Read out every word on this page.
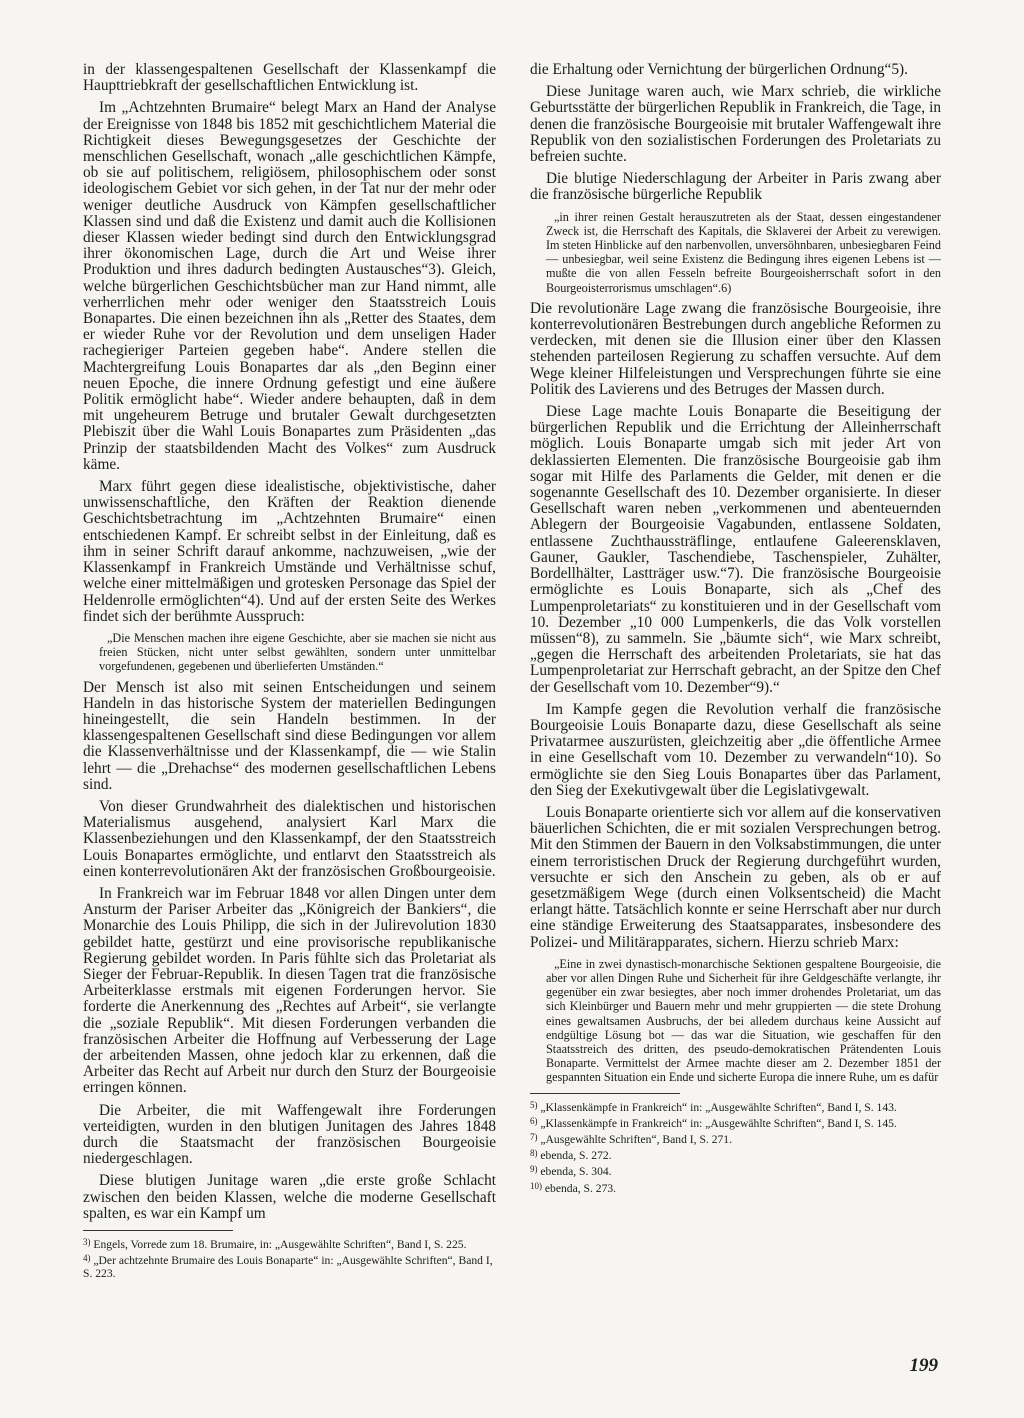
in der klassengespaltenen Gesellschaft der Klassenkampf die Haupttriebkraft der gesellschaftlichen Entwicklung ist.

Im „Achtzehnten Brumaire“ belegt Marx an Hand der Analyse der Ereignisse von 1848 bis 1852 mit geschichtlichem Material die Richtigkeit dieses Bewegungsgesetzes der Geschichte der menschlichen Gesellschaft, wonach „alle geschichtlichen Kämpfe, ob sie auf politischem, religiösem, philosophischem oder sonst ideologischem Gebiet vor sich gehen, in der Tat nur der mehr oder weniger deutliche Ausdruck von Kämpfen gesellschaftlicher Klassen sind und daß die Existenz und damit auch die Kollisionen dieser Klassen wieder bedingt sind durch den Entwicklungsgrad ihrer ökonomischen Lage, durch die Art und Weise ihrer Produktion und ihres dadurch bedingten Austausches“3). Gleich, welche bürgerlichen Geschichtsbücher man zur Hand nimmt, alle verherrlichen mehr oder weniger den Staatsstreich Louis Bonapartes. Die einen bezeichnen ihn als „Retter des Staates, dem er wieder Ruhe vor der Revolution und dem unseligen Hader rachegieriger Parteien gegeben habe“. Andere stellen die Machtergreifung Louis Bonapartes dar als „den Beginn einer neuen Epoche, die innere Ordnung gefestigt und eine äußere Politik ermöglicht habe“. Wieder andere behaupten, daß in dem mit ungeheurem Betruge und brutaler Gewalt durchgesetzten Plebiszit über die Wahl Louis Bonapartes zum Präsidenten „das Prinzip der staatsbildenden Macht des Volkes“ zum Ausdruck käme.

Marx führt gegen diese idealistische, objektivistische, daher unwissenschaftliche, den Kräften der Reaktion dienende Geschichtsbetrachtung im „Achtzehnten Brumaire“ einen entschiedenen Kampf. Er schreibt selbst in der Einleitung, daß es ihm in seiner Schrift darauf ankomme, nachzuweisen, „wie der Klassenkampf in Frankreich Umstände und Verhältnisse schuf, welche einer mittelmäßigen und grotesken Personage das Spiel der Heldenrolle ermöglichten“4). Und auf der ersten Seite des Werkes findet sich der berühmte Ausspruch:

„Die Menschen machen ihre eigene Geschichte, aber sie machen sie nicht aus freien Stücken, nicht unter selbst gewählten, sondern unter unmittelbar vorgefundenen, gegebenen und überlieferten Umständen.“

Der Mensch ist also mit seinen Entscheidungen und seinem Handeln in das historische System der materiellen Bedingungen hineingestellt, die sein Handeln bestimmen. In der klassengespaltenen Gesellschaft sind diese Bedingungen vor allem die Klassenverhältnisse und der Klassenkampf, die — wie Stalin lehrt — die „Drehachse“ des modernen gesellschaftlichen Lebens sind.

Von dieser Grundwahrheit des dialektischen und historischen Materialismus ausgehend, analysiert Karl Marx die Klassenbeziehungen und den Klassenkampf, der den Staatsstreich Louis Bonapartes ermöglichte, und entlarvt den Staatsstreich als einen konterrevolutionären Akt der französischen Großbourgeoisie.

In Frankreich war im Februar 1848 vor allen Dingen unter dem Ansturm der Pariser Arbeiter das „Königreich der Bankiers“, die Monarchie des Louis Philipp, die sich in der Julirevolution 1830 gebildet hatte, gestürzt und eine provisorische republikanische Regierung gebildet worden. In Paris fühlte sich das Proletariat als Sieger der Februar-Republik. In diesen Tagen trat die französische Arbeiterklasse erstmals mit eigenen Forderungen hervor. Sie forderte die Anerkennung des „Rechtes auf Arbeit“, sie verlangte die „soziale Republik“. Mit diesen Forderungen verbanden die französischen Arbeiter die Hoffnung auf Verbesserung der Lage der arbeitenden Massen, ohne jedoch klar zu erkennen, daß die Arbeiter das Recht auf Arbeit nur durch den Sturz der Bourgeoisie erringen können.

Die Arbeiter, die mit Waffengewalt ihre Forderungen verteidigten, wurden in den blutigen Junitagen des Jahres 1848 durch die Staatsmacht der französischen Bourgeoisie niedergeschlagen.

Diese blutigen Junitage waren „die erste große Schlacht zwischen den beiden Klassen, welche die moderne Gesellschaft spalten, es war ein Kampf um

$^{3)}$ Engels, Vorrede zum 18. Brumaire, in: „Ausgewählte Schriften“, Band I, S. 225.

$^{4)}$ „Der achtzehnte Brumaire des Louis Bonaparte“ in: „Ausgewählte Schriften“, Band I, S. 223.

die Erhaltung oder Vernichtung der bürgerlichen Ordnung“5).

Diese Junitage waren auch, wie Marx schrieb, die wirkliche Geburtsstätte der bürgerlichen Republik in Frankreich, die Tage, in denen die französische Bourgeoisie mit brutaler Waffengewalt ihre Republik von den sozialistischen Forderungen des Proletariats zu befreien suchte.

Die blutige Niederschlagung der Arbeiter in Paris zwang aber die französische bürgerliche Republik

„in ihrer reinen Gestalt herauszutreten als der Staat, dessen eingestandener Zweck ist, die Herrschaft des Kapitals, die Sklaverei der Arbeit zu verewigen. Im steten Hinblicke auf den narbenvollen, unversöhnbaren, unbesiegbaren Feind — unbesiegbar, weil seine Existenz die Bedingung ihres eigenen Lebens ist — mußte die von allen Fesseln befreite Bourgeoisherrschaft sofort in den Bourgeoisterrorismus umschlagen“.6)

Die revolutionäre Lage zwang die französische Bourgeoisie, ihre konterrevolutionären Bestrebungen durch angebliche Reformen zu verdecken, mit denen sie die Illusion einer über den Klassen stehenden parteilosen Regierung zu schaffen versuchte. Auf dem Wege kleiner Hilfeleistungen und Versprechungen führte sie eine Politik des Lavierens und des Betruges der Massen durch.

Diese Lage machte Louis Bonaparte die Beseitigung der bürgerlichen Republik und die Errichtung der Alleinherrschaft möglich. Louis Bonaparte umgab sich mit jeder Art von deklassierten Elementen. Die französische Bourgeoisie gab ihm sogar mit Hilfe des Parlaments die Gelder, mit denen er die sogenannte Gesellschaft des 10. Dezember organisierte. In dieser Gesellschaft waren neben „verkommenen und abenteuernden Ablegern der Bourgeoisie Vagabunden, entlassene Soldaten, entlassene Zuchthaussträflinge, entlaufene Galeerensklaven, Gauner, Gaukler, Taschendiebe, Taschenspieler, Zuhälter, Bordellhälter, Lastträger usw.“7). Die französische Bourgeoisie ermöglichte es Louis Bonaparte, sich als „Chef des Lumpenproletariats“ zu konstituieren und in der Gesellschaft vom 10. Dezember „10 000 Lumpenkerls, die das Volk vorstellen müssen“8), zu sammeln. Sie „bäumte sich“, wie Marx schreibt, „gegen die Herrschaft des arbeitenden Proletariats, sie hat das Lumpenproletariat zur Herrschaft gebracht, an der Spitze den Chef der Gesellschaft vom 10. Dezember“9).“

Im Kampfe gegen die Revolution verhalf die französische Bourgeoisie Louis Bonaparte dazu, diese Gesellschaft als seine Privatarmee auszurüsten, gleichzeitig aber „die öffentliche Armee in eine Gesellschaft vom 10. Dezember zu verwandeln“10). So ermöglichte sie den Sieg Louis Bonapartes über das Parlament, den Sieg der Exekutivgewalt über die Legislativgewalt.

Louis Bonaparte orientierte sich vor allem auf die konservativen bäuerlichen Schichten, die er mit sozialen Versprechungen betrog. Mit den Stimmen der Bauern in den Volksabstimmungen, die unter einem terroristischen Druck der Regierung durchgeführt wurden, versuchte er sich den Anschein zu geben, als ob er auf gesetzmäßigem Wege (durch einen Volksentscheid) die Macht erlangt hätte. Tatsächlich konnte er seine Herrschaft aber nur durch eine ständige Erweiterung des Staatsapparates, insbesondere des Polizei- und Militärapparates, sichern. Hierzu schrieb Marx:

„Eine in zwei dynastisch-monarchische Sektionen gespaltene Bourgeoisie, die aber vor allen Dingen Ruhe und Sicherheit für ihre Geldgeschäfte verlangte, ihr gegenüber ein zwar besiegtes, aber noch immer drohendes Proletariat, um das sich Kleinbürger und Bauern mehr und mehr gruppierten — die stete Drohung eines gewaltsamen Ausbruchs, der bei alledem durchaus keine Aussicht auf endgültige Lösung bot — das war die Situation, wie geschaffen für den Staatsstreich des dritten, des pseudo-demokratischen Prätendenten Louis Bonaparte. Vermittelst der Armee machte dieser am 2. Dezember 1851 der gespannten Situation ein Ende und sicherte Europa die innere Ruhe, um es dafür

$^{5)}$ „Klassenkämpfe in Frankreich“ in: „Ausgewählte Schriften“, Band I, S. 143.

$^{6)}$ „Klassenkämpfe in Frankreich“ in: „Ausgewählte Schriften“, Band I, S. 145.

$^{7)}$ „Ausgewählte Schriften“, Band I, S. 271.

$^{8)}$ ebenda, S. 272.

$^{9)}$ ebenda, S. 304.

$^{10)}$ ebenda, S. 273.

199
